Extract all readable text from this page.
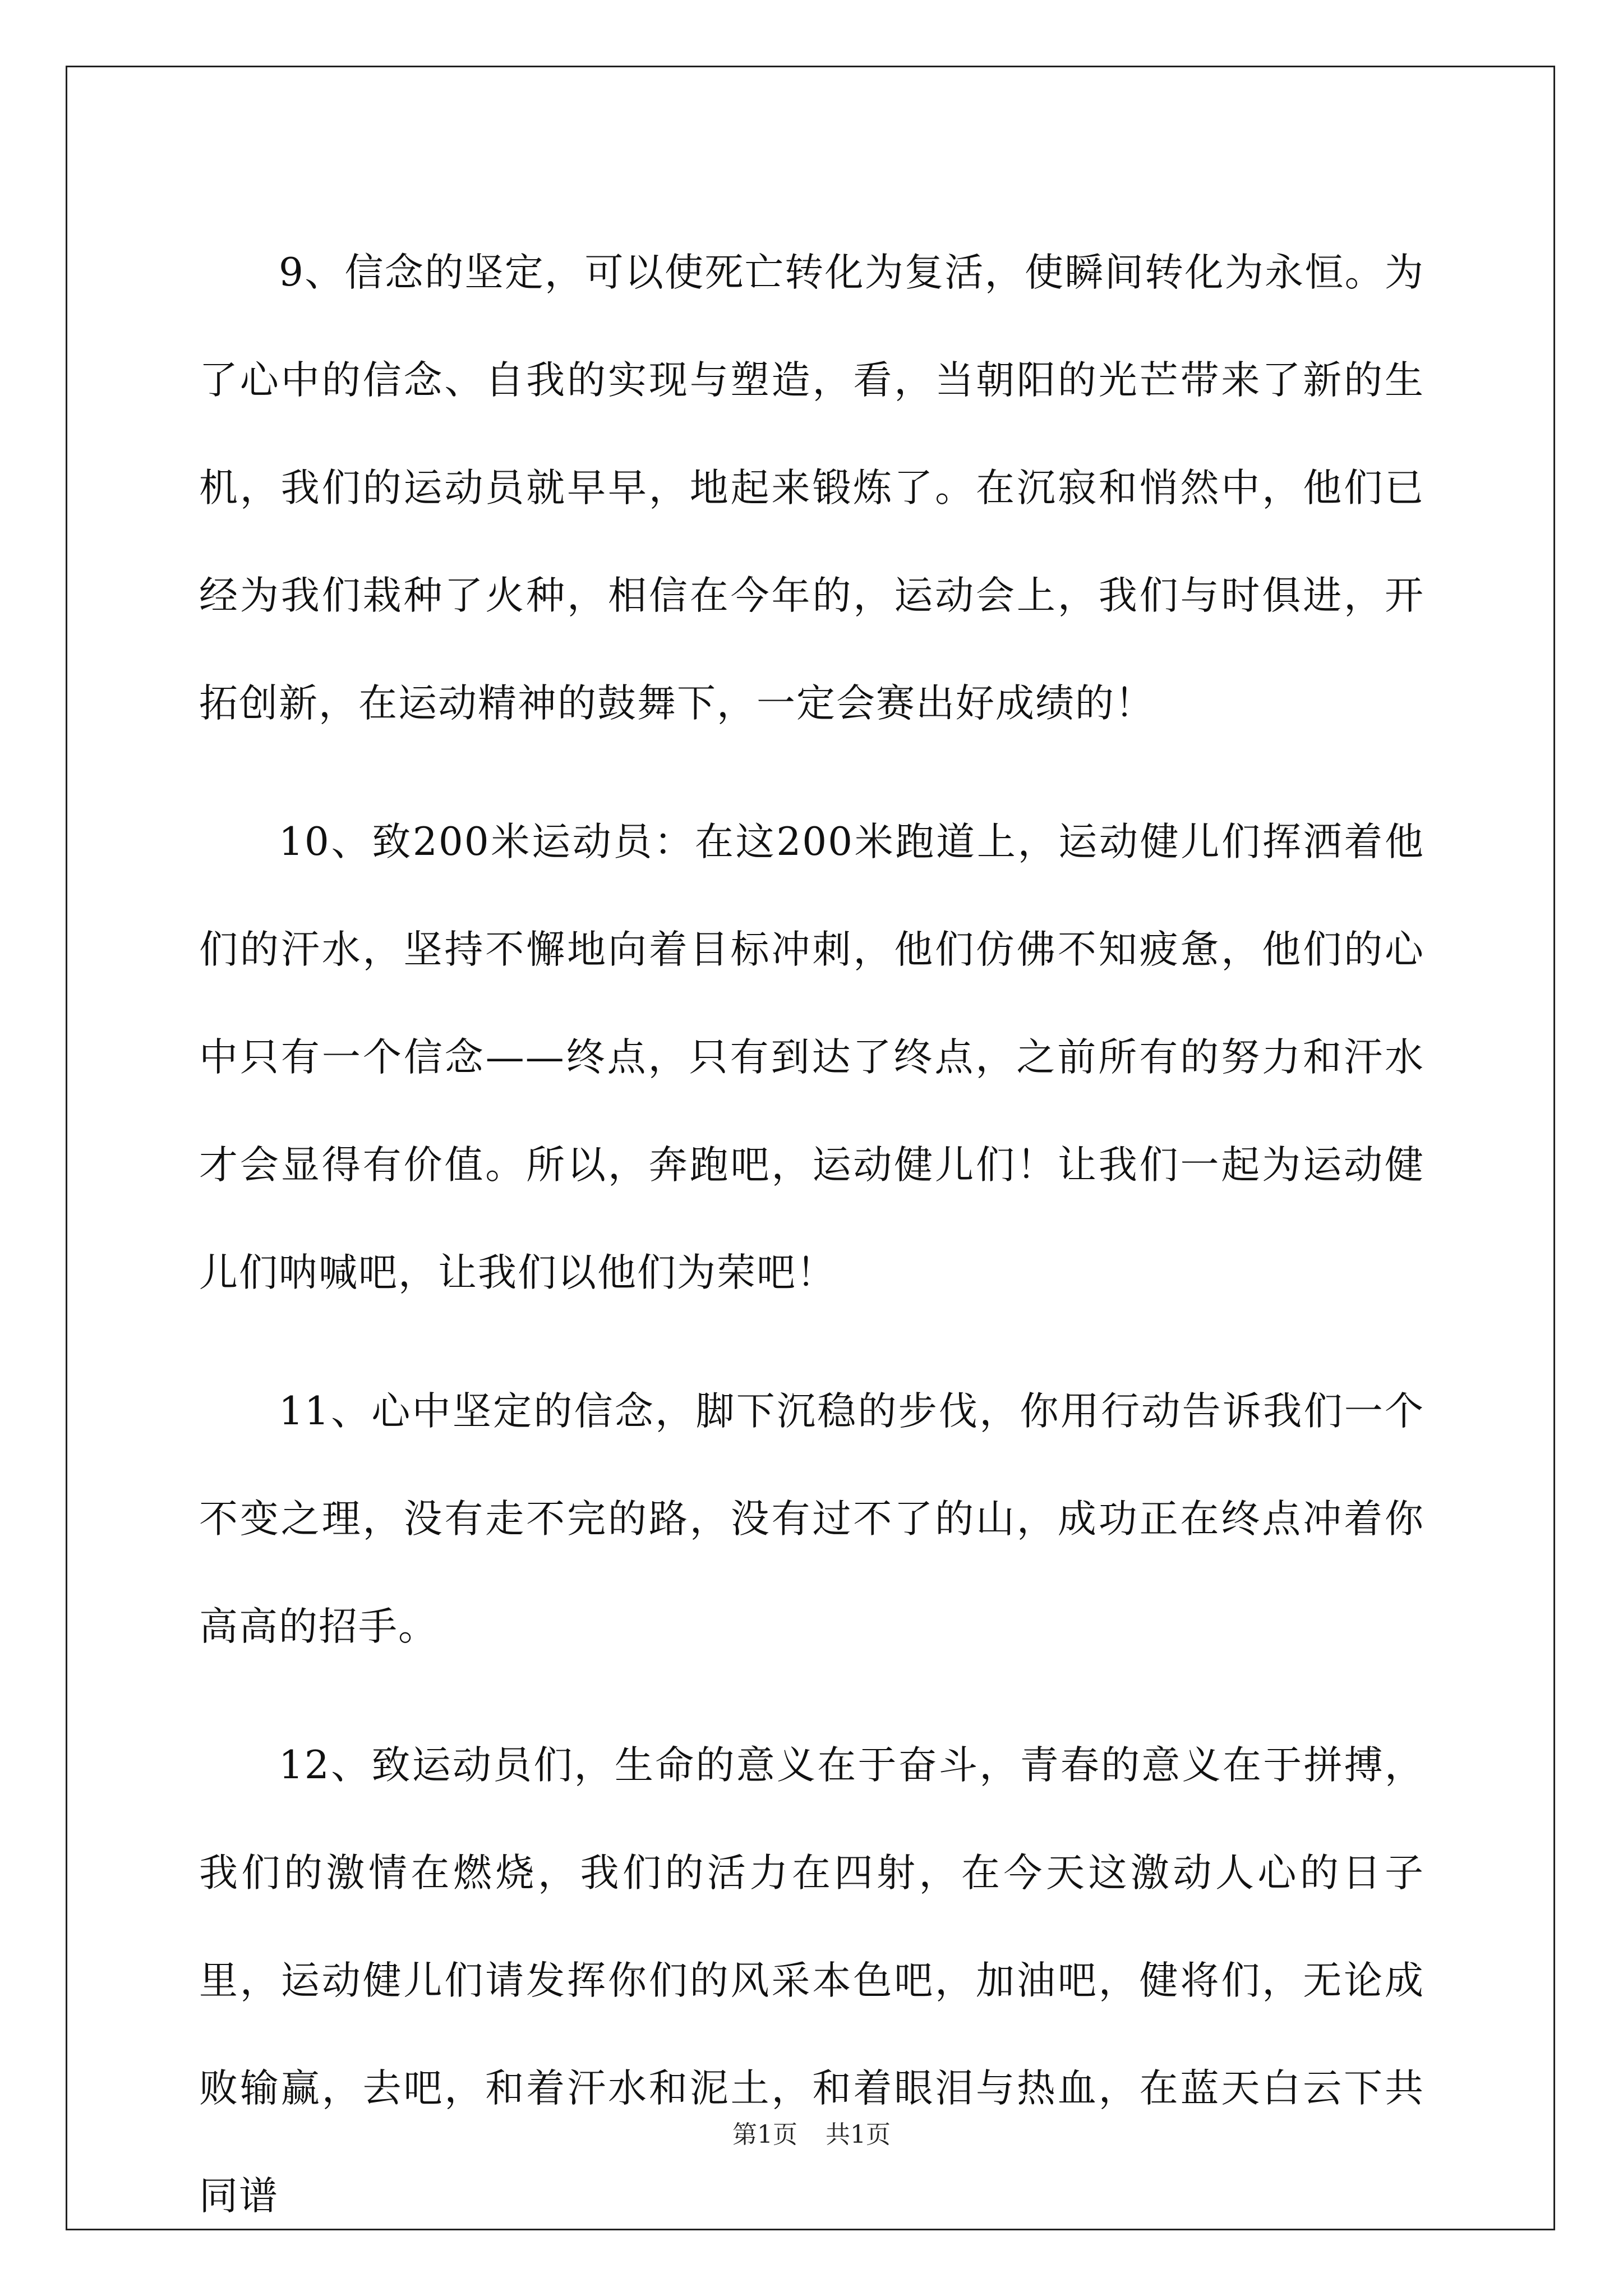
9、信念的坚定，可以使死亡转化为复活，使瞬间转化为永恒。为了心中的信念、自我的实现与塑造，看，当朝阳的光芒带来了新的生机，我们的运动员就早早，地起来锻炼了。在沉寂和悄然中，他们已经为我们栽种了火种，相信在今年的，运动会上，我们与时俱进，开拓创新，在运动精神的鼓舞下，一定会赛出好成绩的！

10、致200米运动员：在这200米跑道上，运动健儿们挥洒着他们的汗水，坚持不懈地向着目标冲刺，他们仿佛不知疲惫，他们的心中只有一个信念——终点，只有到达了终点，之前所有的努力和汗水才会显得有价值。所以，奔跑吧，运动健儿们！让我们一起为运动健儿们呐喊吧，让我们以他们为荣吧！

11、心中坚定的信念，脚下沉稳的步伐，你用行动告诉我们一个不变之理，没有走不完的路，没有过不了的山，成功正在终点冲着你高高的招手。

12、致运动员们，生命的意义在于奋斗，青春的意义在于拼搏，我们的激情在燃烧，我们的活力在四射，在今天这激动人心的日子里，运动健儿们请发挥你们的风采本色吧，加油吧，健将们，无论成败输赢，去吧，和着汗水和泥土，和着眼泪与热血，在蓝天白云下共同谱

第1页 共1页
